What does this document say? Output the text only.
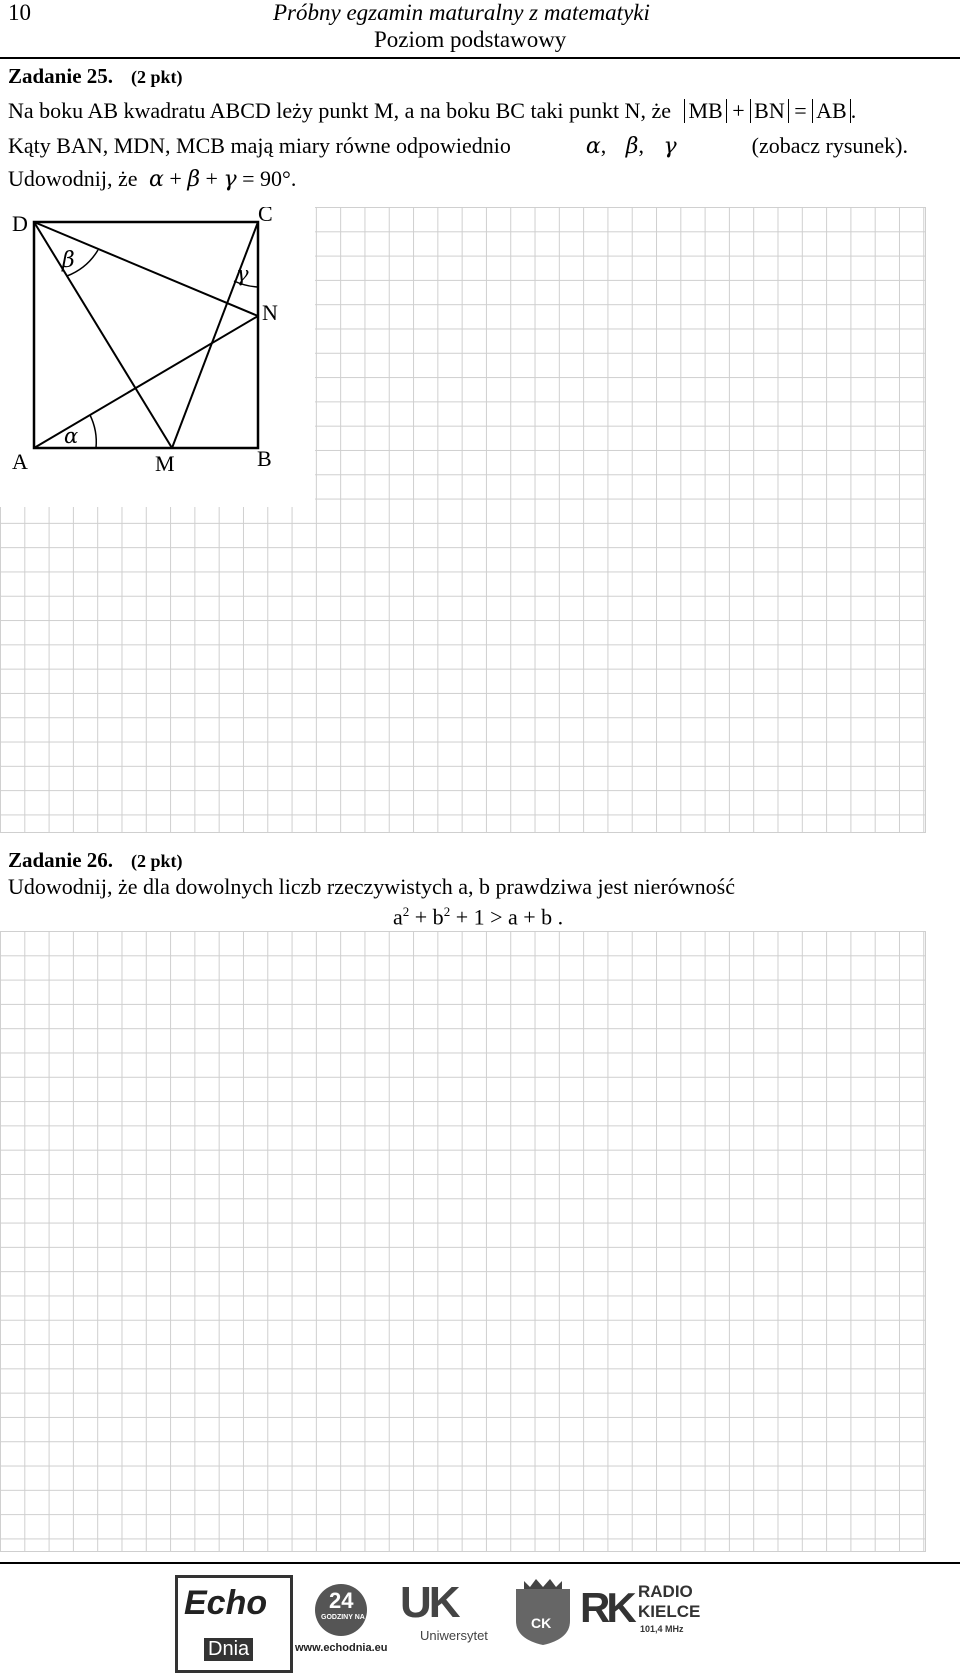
10	Próbny egzamin maturalny z matematyki
Poziom podstawowy
Zadanie 25. (2 pkt)
Na boku AB kwadratu ABCD leży punkt M, a na boku BC taki punkt N, że MB + BN = AB .
Kąty BAN, MDN, MCB mają miary równe odpowiednio	α, β, γ	(zobacz rysunek).
Udowodnij, że α + β + γ = 90°.
D	C
N
A	M	B
β
α
γ
Zadanie 26. (2 pkt)
Udowodnij, że dla dowolnych liczb rzeczywistych a, b prawdziwa jest nierówność
$a^2 + b^2 + 1 > a + b$ .
Echo
Dnia
24
GODZINY NA DOBĘ
www.echodnia.eu
UK
Uniwersytet
CK RK RADIO
KIELCE
101,4 MHz
